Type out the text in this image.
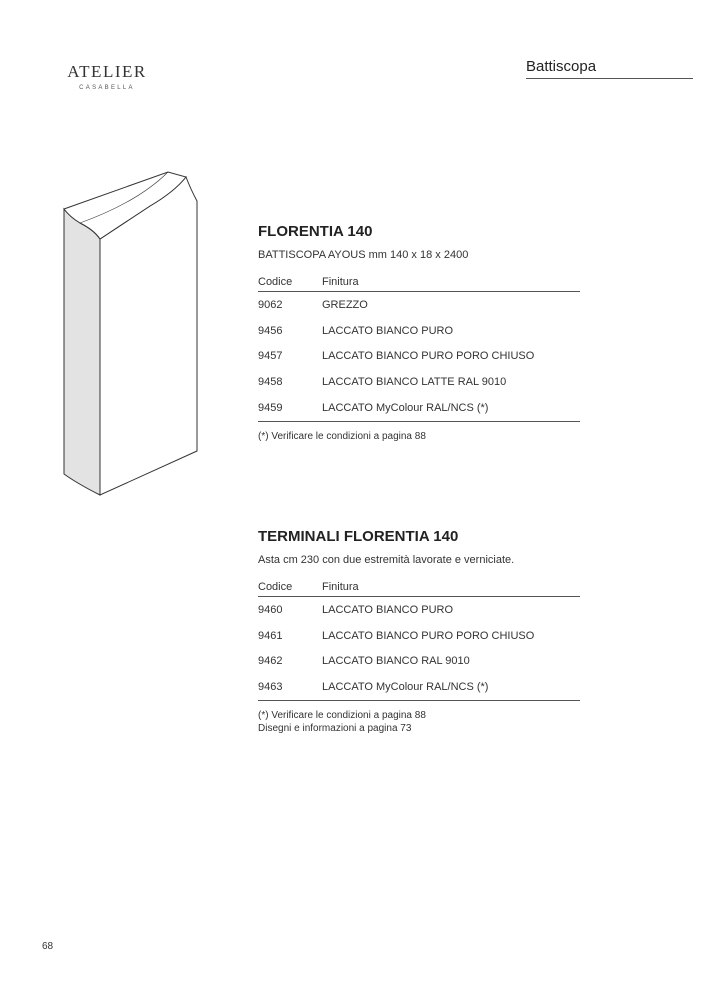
ATELIER
CASABELLA
Battiscopa
FLORENTIA 140
BATTISCOPA AYOUS mm 140 x 18 x 2400
Codice	Finitura
9062	GREZZO
9456	LACCATO BIANCO PURO
9457	LACCATO BIANCO PURO PORO CHIUSO
9458	LACCATO BIANCO LATTE RAL 9010
9459	LACCATO MyColour RAL/NCS (*)
(*) Verificare le condizioni a pagina 88
TERMINALI FLORENTIA 140
Asta cm 230 con due estremità lavorate e verniciate.
Codice	Finitura
9460	LACCATO BIANCO PURO
9461	LACCATO BIANCO PURO PORO CHIUSO
9462	LACCATO BIANCO RAL 9010
9463	LACCATO MyColour RAL/NCS (*)
(*) Verificare le condizioni a pagina 88
Disegni e informazioni a pagina 73
68
